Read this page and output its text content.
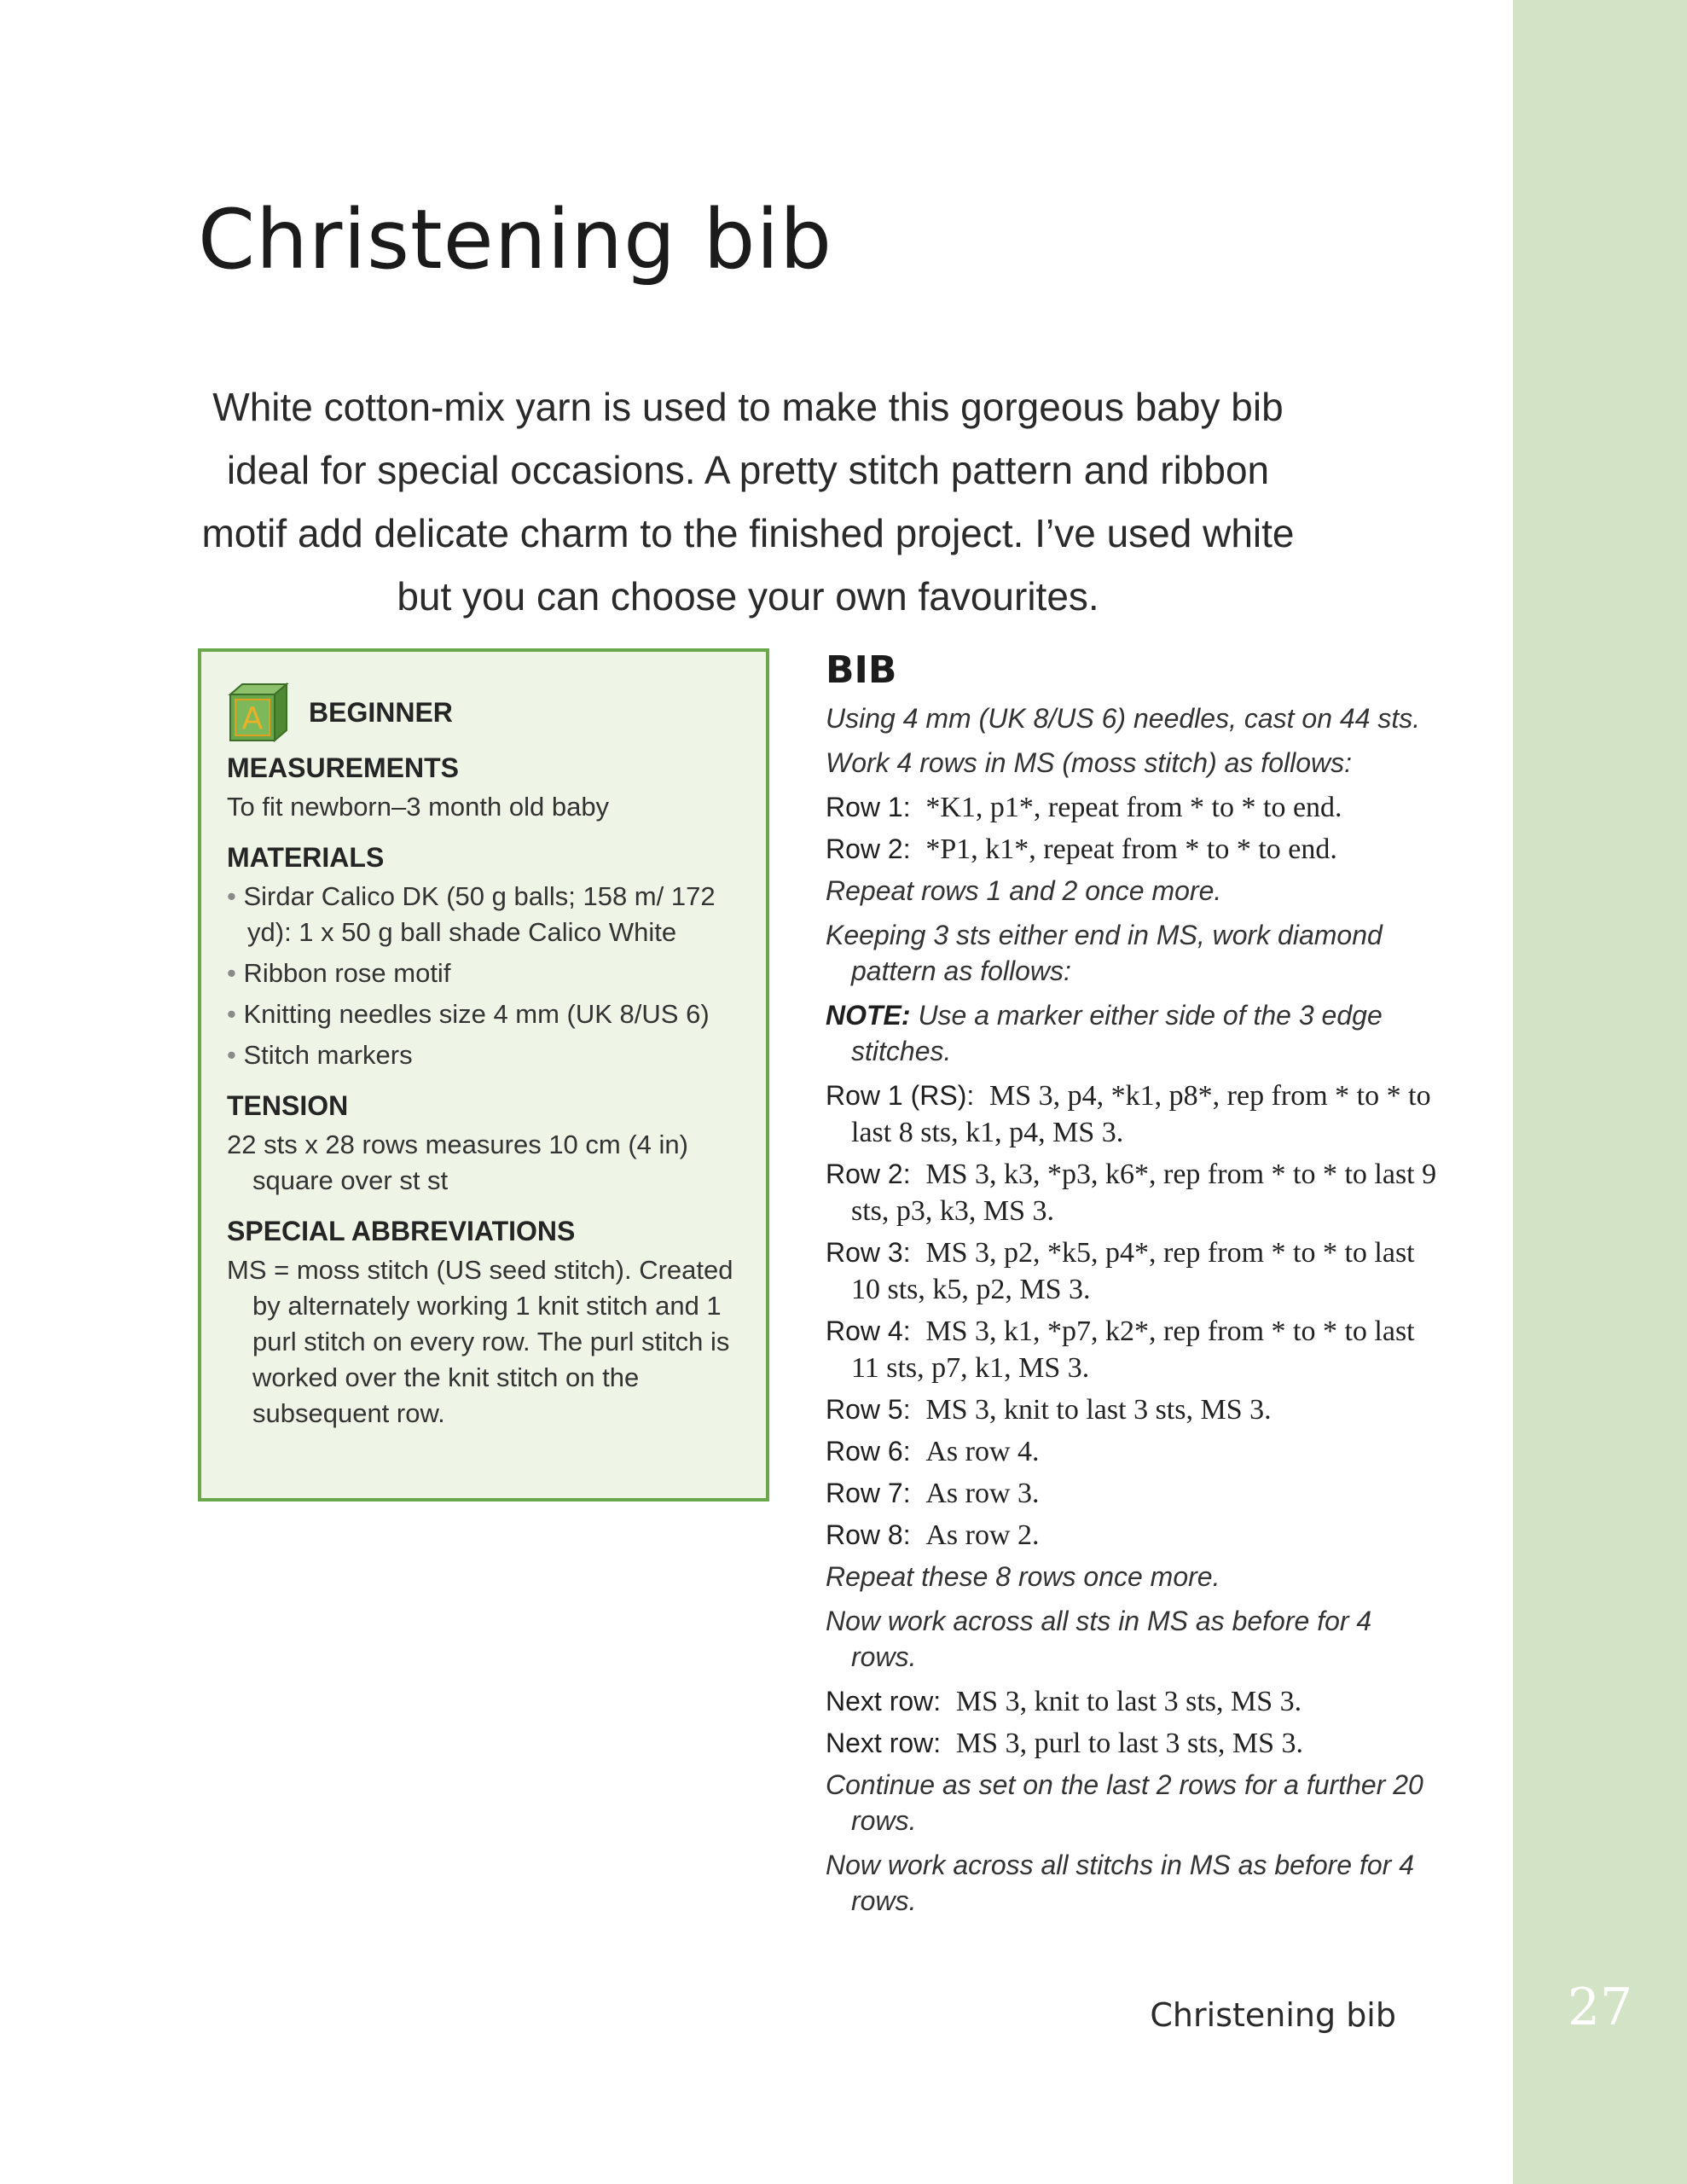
27
Christening bib

White cotton-mix yarn is used to make this gorgeous baby bib ideal for special occasions. A pretty stitch pattern and ribbon motif add delicate charm to the finished project. I’ve used white but you can choose your own favourites.

A BEGINNER
MEASUREMENTS
To fit newborn–3 month old baby
MATERIALS
• Sirdar Calico DK (50 g balls; 158 m/ 172 yd): 1 x 50 g ball shade Calico White
• Ribbon rose motif
• Knitting needles size 4 mm (UK 8/US 6)
• Stitch markers
TENSION
22 sts x 28 rows measures 10 cm (4 in) square over st st
SPECIAL ABBREVIATIONS
MS = moss stitch (US seed stitch). Created by alternately working 1 knit stitch and 1 purl stitch on every row. The purl stitch is worked over the knit stitch on the subsequent row.
BIB

Using 4 mm (UK 8/US 6) needles, cast on 44 sts.

Work 4 rows in MS (moss stitch) as follows:

Row 1: *K1, p1*, repeat from * to * to end.

Row 2: *P1, k1*, repeat from * to * to end.

Repeat rows 1 and 2 once more.

Keeping 3 sts either end in MS, work diamond pattern as follows:

NOTE: Use a marker either side of the 3 edge stitches.

Row 1 (RS): MS 3, p4, *k1, p8*, rep from * to * to last 8 sts, k1, p4, MS 3.

Row 2: MS 3, k3, *p3, k6*, rep from * to * to last 9 sts, p3, k3, MS 3.

Row 3: MS 3, p2, *k5, p4*, rep from * to * to last 10 sts, k5, p2, MS 3.

Row 4: MS 3, k1, *p7, k2*, rep from * to * to last 11 sts, p7, k1, MS 3.

Row 5: MS 3, knit to last 3 sts, MS 3.

Row 6: As row 4.

Row 7: As row 3.

Row 8: As row 2.

Repeat these 8 rows once more.

Now work across all sts in MS as before for 4 rows.

Next row: MS 3, knit to last 3 sts, MS 3.

Next row: MS 3, purl to last 3 sts, MS 3.

Continue as set on the last 2 rows for a further 20 rows.

Now work across all stitchs in MS as before for 4 rows.

Christening bib
